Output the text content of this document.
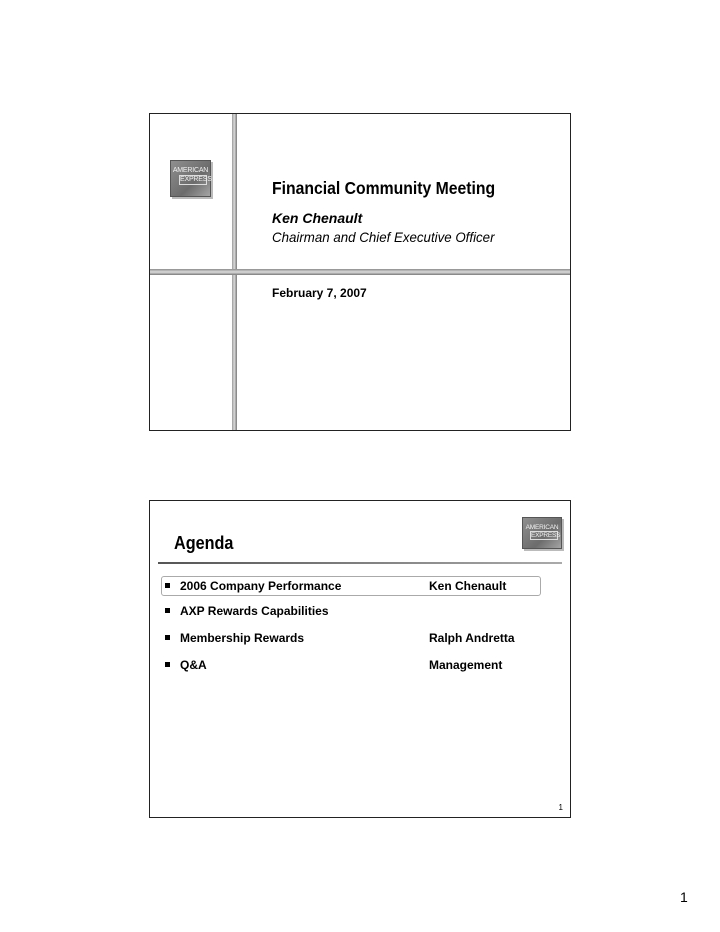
AMERICAN
EXPRESS	Financial Community Meeting
Ken Chenault
Chairman and Chief Executive Officer
February 7, 2007
Agenda
AMERICAN
EXPRESS
2006 Company Performance	Ken Chenault
AXP Rewards Capabilities
Membership Rewards	Ralph Andretta
Q&A	Management
1
1
